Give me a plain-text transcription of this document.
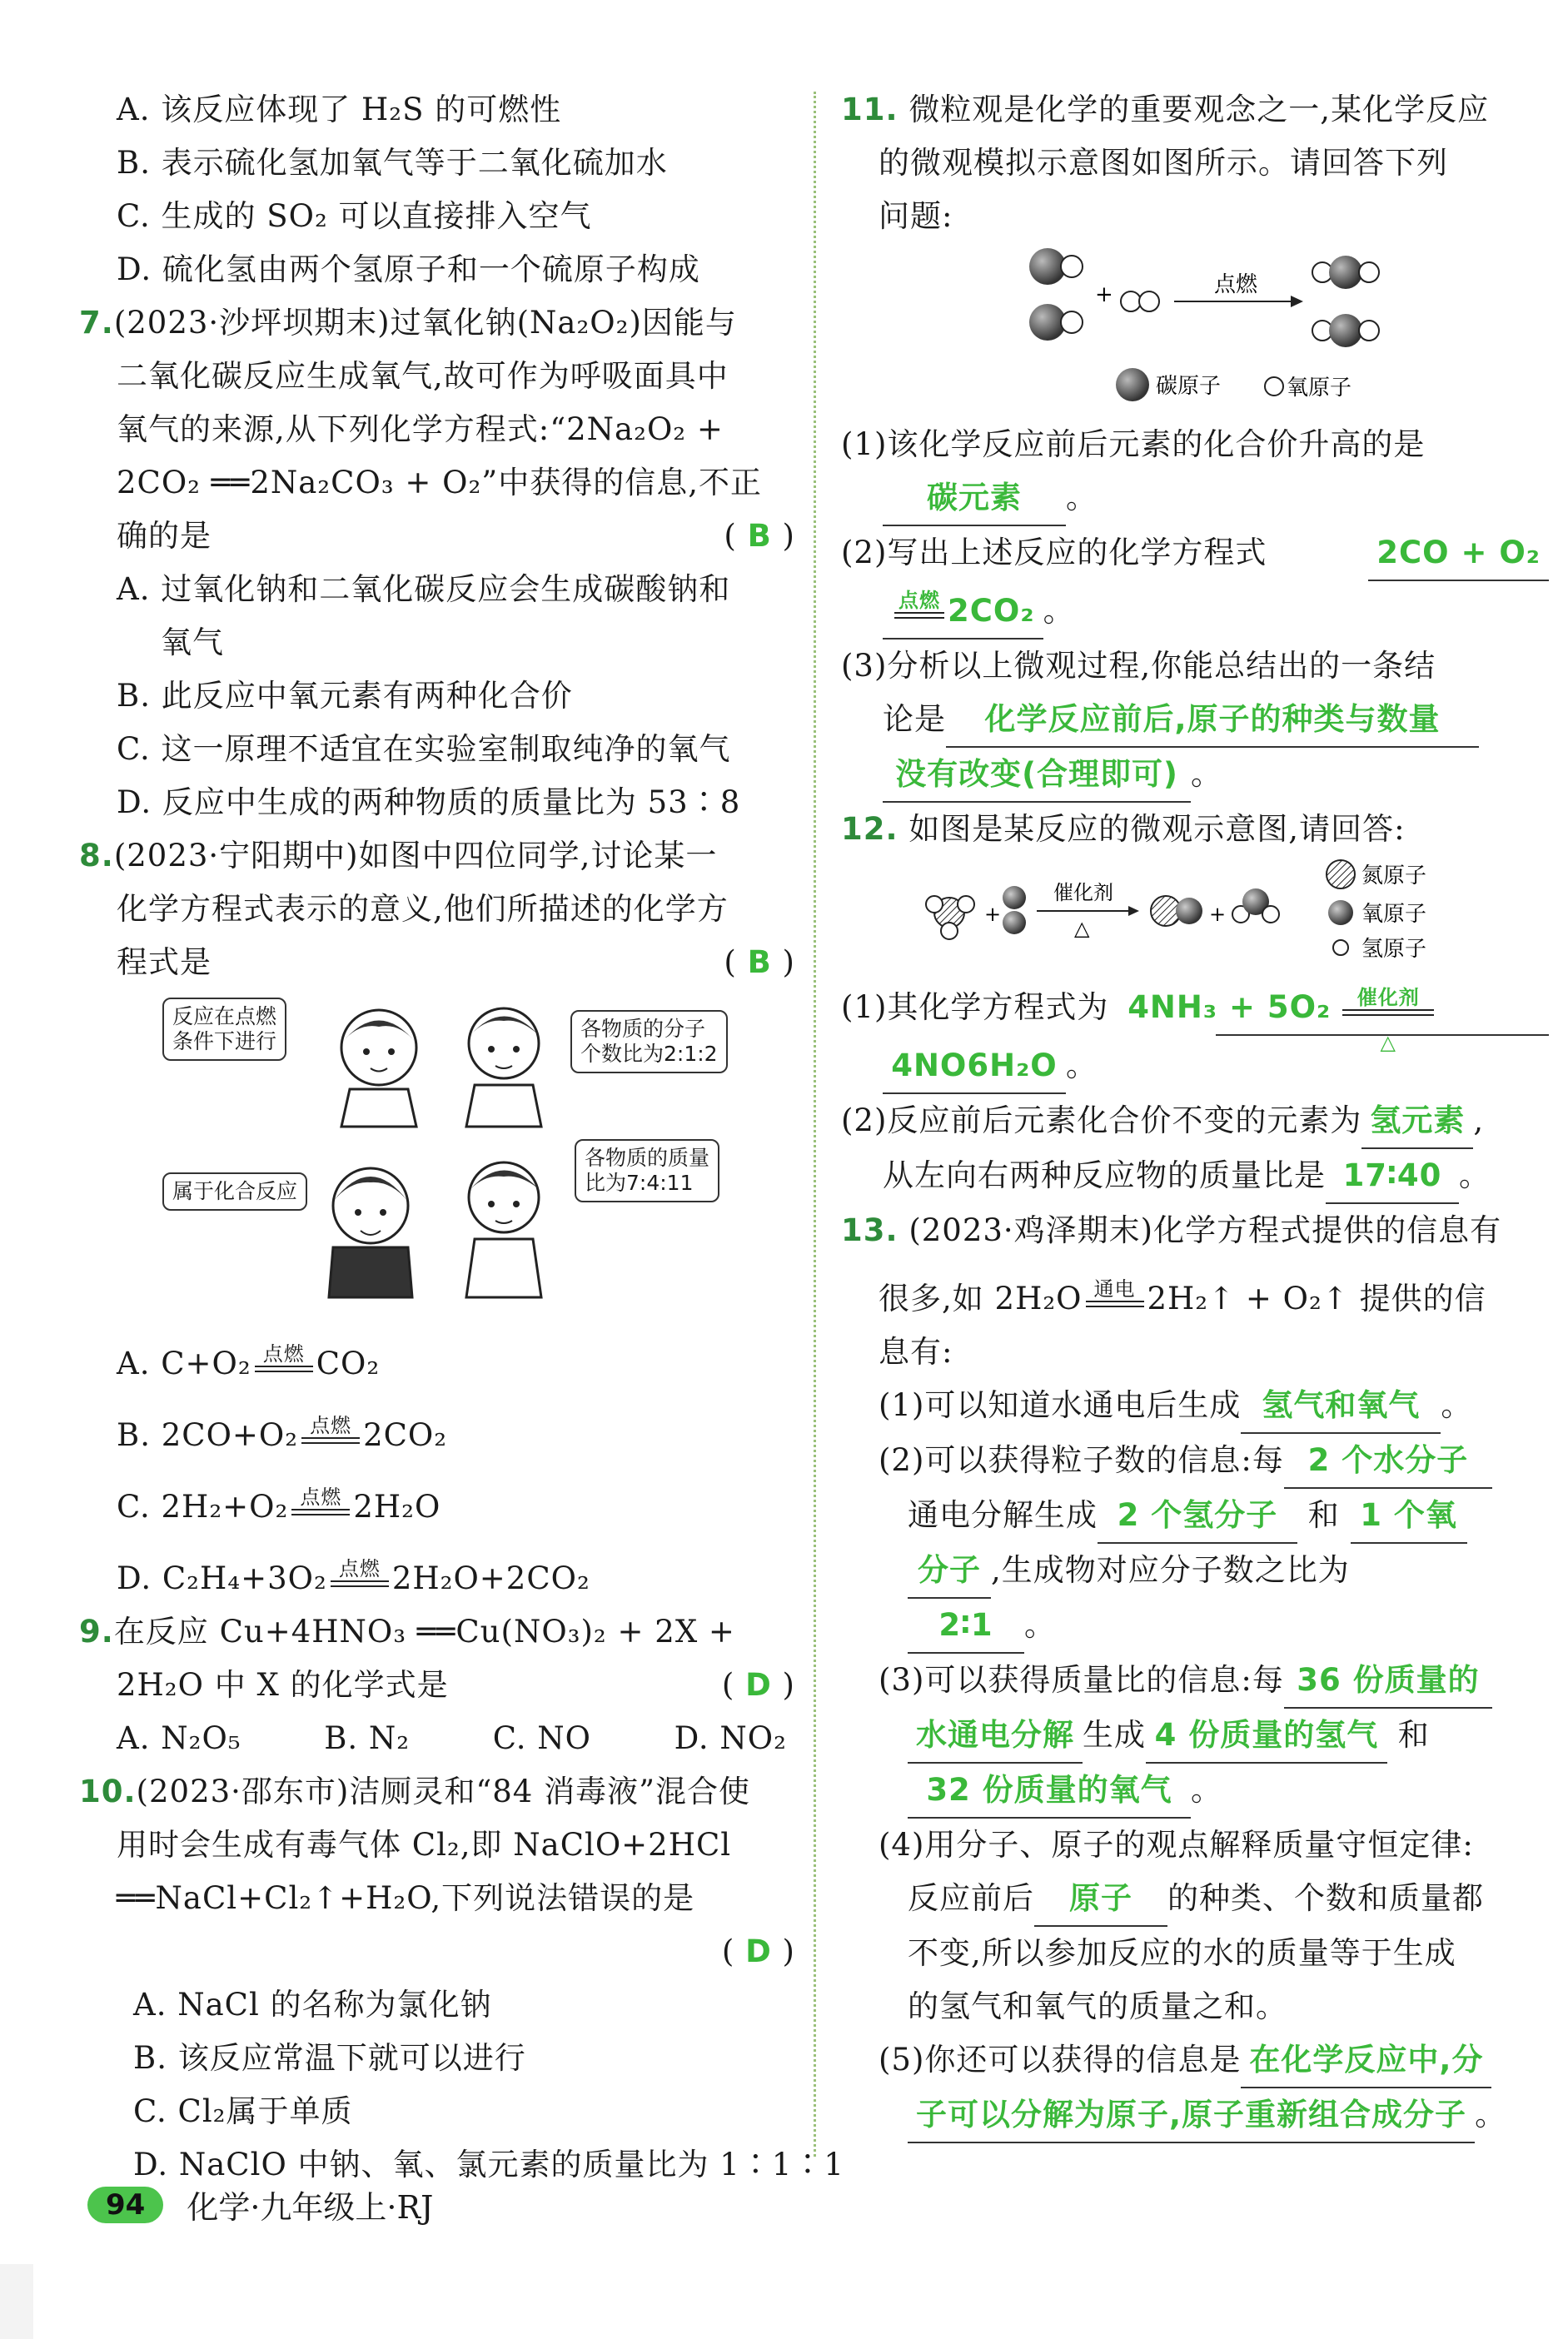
A. 该反应体现了 H₂S 的可燃性
B. 表示硫化氢加氧气等于二氧化硫加水
C. 生成的 SO₂ 可以直接排入空气
D. 硫化氢由两个氢原子和一个硫原子构成
7.(2023·沙坪坝期末)过氧化钠(Na₂O₂)因能与
二氧化碳反应生成氧气,故可作为呼吸面具中
氧气的来源,从下列化学方程式:“2Na₂O₂ +
2CO₂ ══2Na₂CO₃ + O₂”中获得的信息,不正
确的是	( B )
A. 过氧化钠和二氧化碳反应会生成碳酸钠和
氧气
B. 此反应中氧元素有两种化合价
C. 这一原理不适宜在实验室制取纯净的氧气
D. 反应中生成的两种物质的质量比为 53∶8
8.(2023·宁阳期中)如图中四位同学,讨论某一
化学方程式表示的意义,他们所描述的化学方
程式是	( B )
反应在点燃
条件下进行
各物质的分子
个数比为2:1:2
属于化合反应
各物质的质量
比为7:4:11
A. C+O₂ 点燃 CO₂
B. 2CO+O₂ 点燃 2CO₂
C. 2H₂+O₂ 点燃 2H₂O
D. C₂H₄+3O₂ 点燃 2H₂O+2CO₂
9.在反应 Cu+4HNO₃ ══Cu(NO₃)₂ + 2X +
2H₂O 中 X 的化学式是	( D )
A. N₂O₅	B. N₂	C. NO	D. NO₂
10.(2023·邵东市)洁厕灵和“84 消毒液”混合使
用时会生成有毒气体 Cl₂,即 NaClO+2HCl
══NaCl+Cl₂↑+H₂O,下列说法错误的是
( D )

A. NaCl 的名称为氯化钠
B. 该反应常温下就可以进行
C. Cl₂属于单质
D. NaClO 中钠、氧、氯元素的质量比为 1∶1∶1
11. 微粒观是化学的重要观念之一,某化学反应
的微观模拟示意图如图所示。请回答下列
问题:
+	点燃
碳原子	氧原子
(1)该化学反应前后元素的化合价升高的是
碳元素 。
(2)写出上述反应的化学方程式	2CO + O₂
点燃 2CO₂ 。
(3)分析以上微观过程,你能总结出的一条结
论是 化学反应前后,原子的种类与数量
没有改变(合理即可) 。
12. 如图是某反应的微观示意图,请回答:
+
催化剂
△
+
氮原子
氧原子
氢原子
(1)其化学方程式为 4NH₃ + 5O₂	催化剂
△
4NO6H₂O 。
(2)反应前后元素化合价不变的元素为 氢元素 ,
从左向右两种反应物的质量比是 17∶40 。
13. (2023·鸡泽期末)化学方程式提供的信息有
很多,如 2H₂O 通电 2H₂↑ + O₂↑ 提供的信
息有:
(1)可以知道水通电后生成 氢气和氧气 。
(2)可以获得粒子数的信息:每 2 个水分子
通电分解生成 2 个氢分子 和 1 个氧
分子 ,生成物对应分子数之比为
2∶1 。
(3)可以获得质量比的信息:每 36 份质量的
水通电分解 生成 4 份质量的氢气 和
32 份质量的氧气 。
(4)用分子、原子的观点解释质量守恒定律:
反应前后 原子 的种类、个数和质量都
不变,所以参加反应的水的质量等于生成
的氢气和氧气的质量之和。
(5)你还可以获得的信息是 在化学反应中,分
子可以分解为原子,原子重新组合成分子 。
94	化学·九年级上·RJ
